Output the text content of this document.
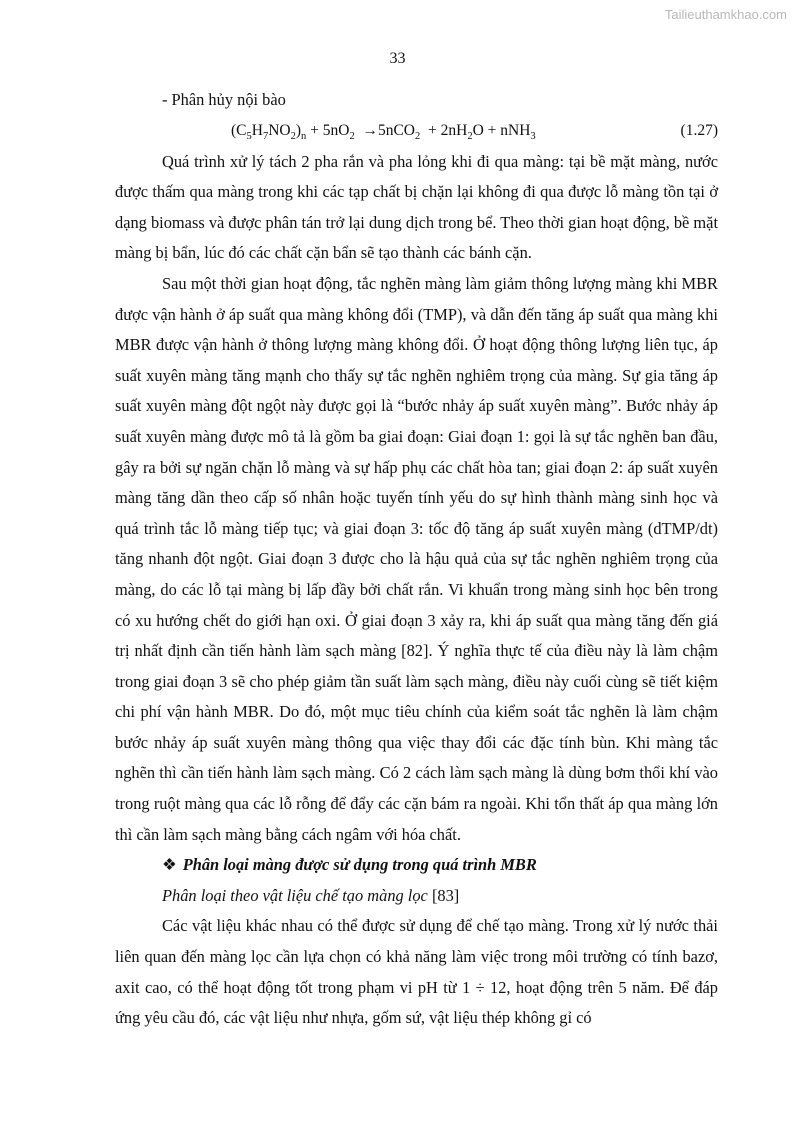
Tailieuthamkhao.com
33

- Phân hủy nội bào

$(C_5H_7NO_2)_n + 5nO_2 \to 5nCO_2 + 2nH_2O + nNH_3$	(1.27)

Quá trình xử lý tách 2 pha rắn và pha lỏng khi đi qua màng: tại bề mặt màng, nước được thấm qua màng trong khi các tạp chất bị chặn lại không đi qua được lỗ màng tồn tại ở dạng biomass và được phân tán trở lại dung dịch trong bể. Theo thời gian hoạt động, bề mặt màng bị bẩn, lúc đó các chất cặn bẩn sẽ tạo thành các bánh cặn.

Sau một thời gian hoạt động, tắc nghẽn màng làm giảm thông lượng màng khi MBR được vận hành ở áp suất qua màng không đổi (TMP), và dẫn đến tăng áp suất qua màng khi MBR được vận hành ở thông lượng màng không đổi. Ở hoạt động thông lượng liên tục, áp suất xuyên màng tăng mạnh cho thấy sự tắc nghẽn nghiêm trọng của màng. Sự gia tăng áp suất xuyên màng đột ngột này được gọi là “bước nhảy áp suất xuyên màng”. Bước nhảy áp suất xuyên màng được mô tả là gồm ba giai đoạn: Giai đoạn 1: gọi là sự tắc nghẽn ban đầu, gây ra bởi sự ngăn chặn lỗ màng và sự hấp phụ các chất hòa tan; giai đoạn 2: áp suất xuyên màng tăng dần theo cấp số nhân hoặc tuyến tính yếu do sự hình thành màng sinh học và quá trình tắc lỗ màng tiếp tục; và giai đoạn 3: tốc độ tăng áp suất xuyên màng (dTMP/dt) tăng nhanh đột ngột. Giai đoạn 3 được cho là hậu quả của sự tắc nghẽn nghiêm trọng của màng, do các lỗ tại màng bị lấp đầy bởi chất rắn. Vi khuẩn trong màng sinh học bên trong có xu hướng chết do giới hạn oxi. Ở giai đoạn 3 xảy ra, khi áp suất qua màng tăng đến giá trị nhất định cần tiến hành làm sạch màng [82]. Ý nghĩa thực tế của điều này là làm chậm trong giai đoạn 3 sẽ cho phép giảm tần suất làm sạch màng, điều này cuối cùng sẽ tiết kiệm chi phí vận hành MBR. Do đó, một mục tiêu chính của kiểm soát tắc nghẽn là làm chậm bước nhảy áp suất xuyên màng thông qua việc thay đổi các đặc tính bùn. Khi màng tắc nghẽn thì cần tiến hành làm sạch màng. Có 2 cách làm sạch màng là dùng bơm thổi khí vào trong ruột màng qua các lỗ rỗng để đẩy các cặn bám ra ngoài. Khi tổn thất áp qua màng lớn thì cần làm sạch màng bằng cách ngâm với hóa chất.

❖ Phân loại màng được sử dụng trong quá trình MBR

Phân loại theo vật liệu chế tạo màng lọc [83]

Các vật liệu khác nhau có thể được sử dụng để chế tạo màng. Trong xử lý nước thải liên quan đến màng lọc cần lựa chọn có khả năng làm việc trong môi trường có tính bazơ, axit cao, có thể hoạt động tốt trong phạm vi pH từ 1 ÷ 12, hoạt động trên 5 năm. Để đáp ứng yêu cầu đó, các vật liệu như nhựa, gốm sứ, vật liệu thép không gỉ có
